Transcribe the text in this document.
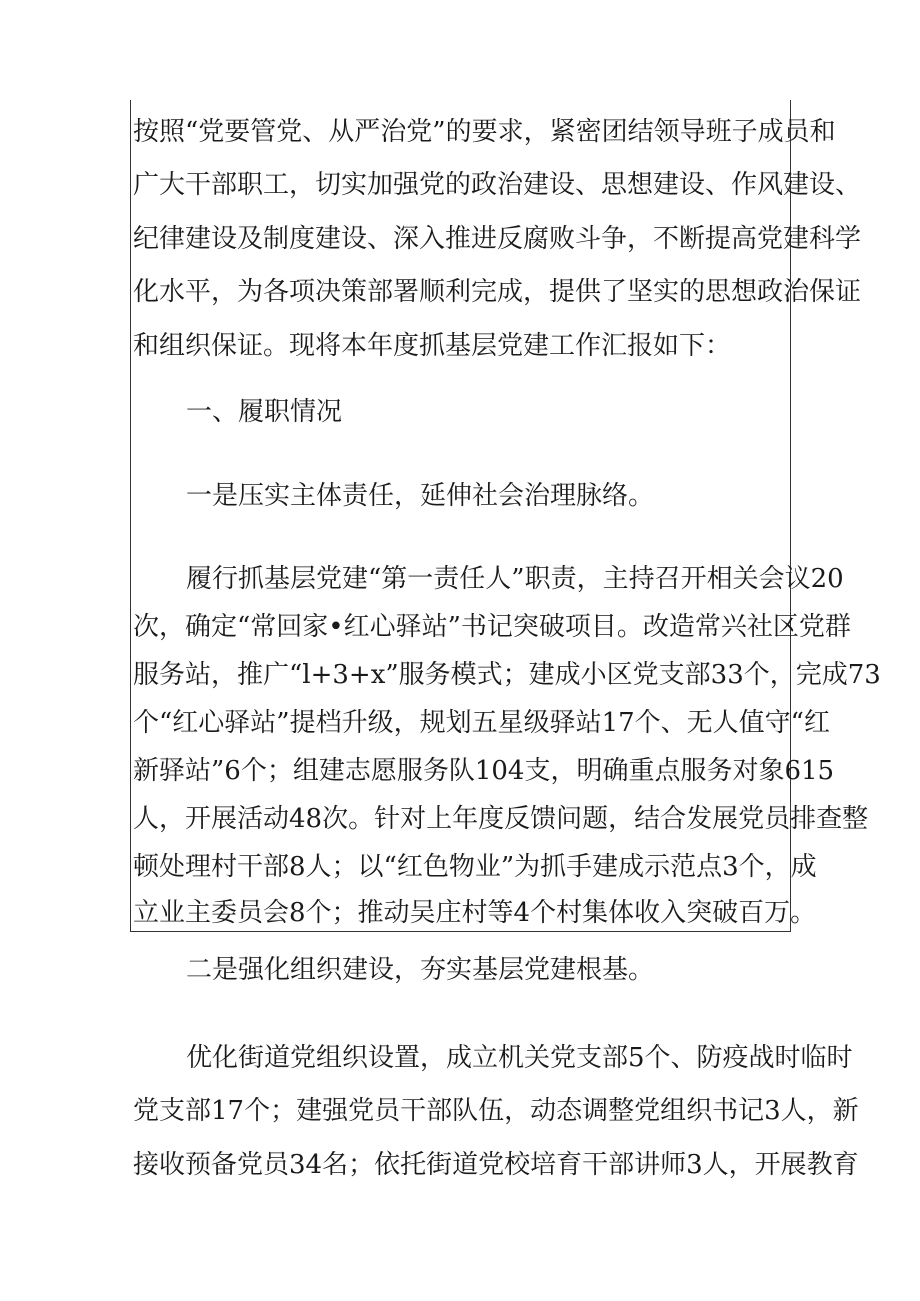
按照“党要管党、从严治党”的要求，紧密团结领导班子成员和
广大干部职工，切实加强党的政治建设、思想建设、作风建设、
纪律建设及制度建设、深入推进反腐败斗争，不断提高党建科学
化水平，为各项决策部署顺利完成，提供了坚实的思想政治保证
和组织保证。现将本年度抓基层党建工作汇报如下：
一、履职情况
一是压实主体责任，延伸社会治理脉络。
履行抓基层党建“第一责任人”职责，主持召开相关会议20
次，确定“常回家•红心驿站”书记突破项目。改造常兴社区党群
服务站，推广“l+3+x”服务模式；建成小区党支部33个，完成73
个“红心驿站”提档升级，规划五星级驿站17个、无人值守“红
新驿站”6个；组建志愿服务队104支，明确重点服务对象615
人，开展活动48次。针对上年度反馈问题，结合发展党员排查整
顿处理村干部8人；以“红色物业”为抓手建成示范点3个，成
立业主委员会8个；推动吴庄村等4个村集体收入突破百万。
二是强化组织建设，夯实基层党建根基。
优化街道党组织设置，成立机关党支部5个、防疫战时临时
党支部17个；建强党员干部队伍，动态调整党组织书记3人，新
接收预备党员34名；依托街道党校培育干部讲师3人，开展教育
